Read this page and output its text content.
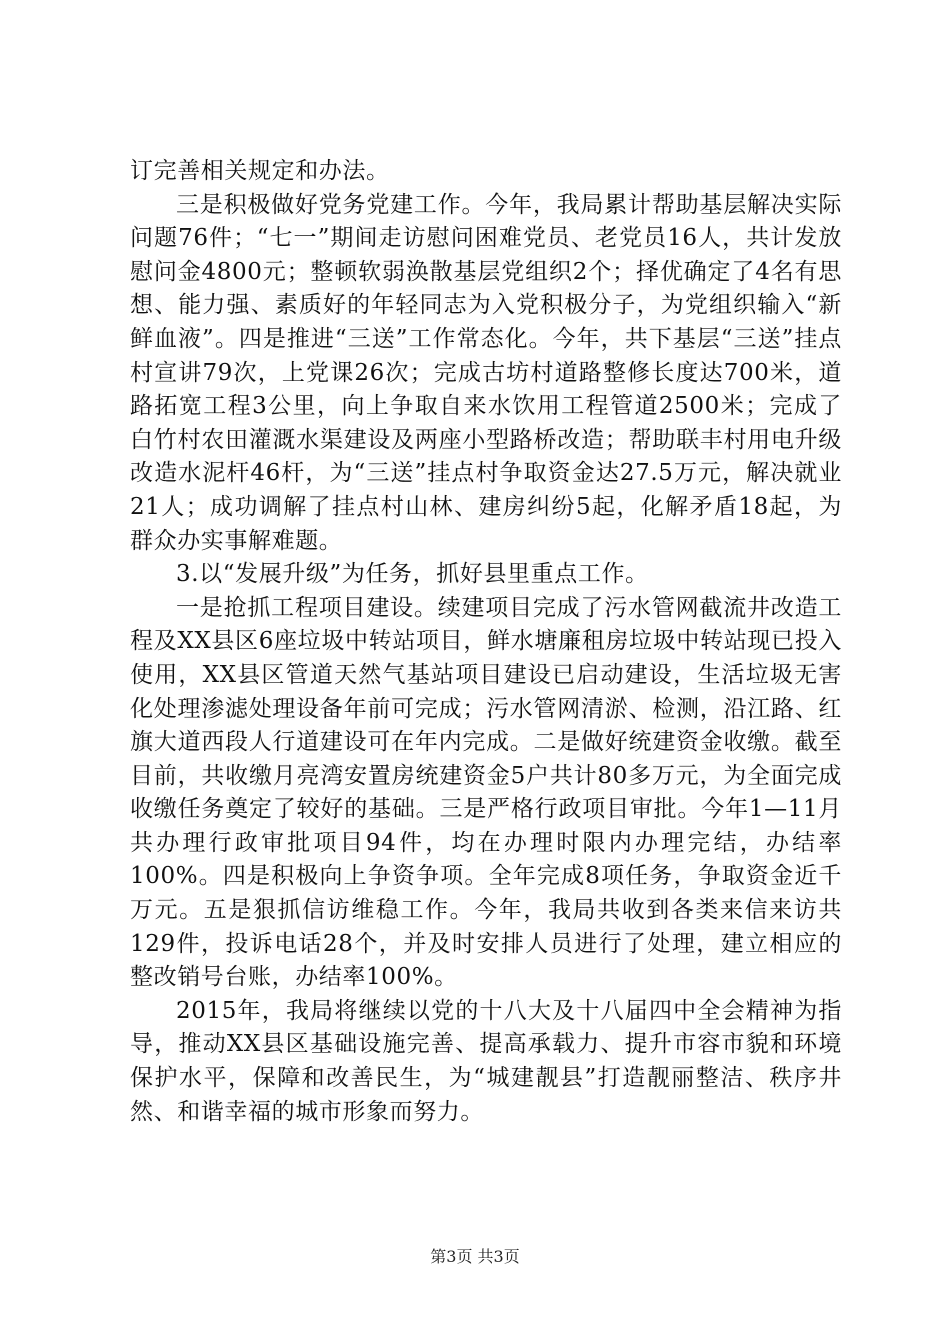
订完善相关规定和办法。

三是积极做好党务党建工作。今年，我局累计帮助基层解决实际问题76件；“七一”期间走访慰问困难党员、老党员16人，共计发放慰问金4800元；整顿软弱涣散基层党组织2个；择优确定了4名有思想、能力强、素质好的年轻同志为入党积极分子，为党组织输入“新鲜血液”。四是推进“三送”工作常态化。今年，共下基层“三送”挂点村宣讲79次，上党课26次；完成古坊村道路整修长度达700米，道路拓宽工程3公里，向上争取自来水饮用工程管道2500米；完成了白竹村农田灌溉水渠建设及两座小型路桥改造；帮助联丰村用电升级改造水泥杆46杆，为“三送”挂点村争取资金达27.5万元，解决就业21人；成功调解了挂点村山林、建房纠纷5起，化解矛盾18起，为群众办实事解难题。

3.以“发展升级”为任务，抓好县里重点工作。

一是抢抓工程项目建设。续建项目完成了污水管网截流井改造工程及XX县区6座垃圾中转站项目，鲜水塘廉租房垃圾中转站现已投入使用，XX县区管道天然气基站项目建设已启动建设，生活垃圾无害化处理渗滤处理设备年前可完成；污水管网清淤、检测，沿江路、红旗大道西段人行道建设可在年内完成。二是做好统建资金收缴。截至目前，共收缴月亮湾安置房统建资金5户共计80多万元，为全面完成收缴任务奠定了较好的基础。三是严格行政项目审批。今年1—11月共办理行政审批项目94件，均在办理时限内办理完结，办结率100%。四是积极向上争资争项。全年完成8项任务，争取资金近千万元。五是狠抓信访维稳工作。今年，我局共收到各类来信来访共129件，投诉电话28个，并及时安排人员进行了处理，建立相应的整改销号台账，办结率100%。

2015年，我局将继续以党的十八大及十八届四中全会精神为指导，推动XX县区基础设施完善、提高承载力、提升市容市貌和环境保护水平，保障和改善民生，为“城建靓县”打造靓丽整洁、秩序井然、和谐幸福的城市形象而努力。

第3页 共3页
